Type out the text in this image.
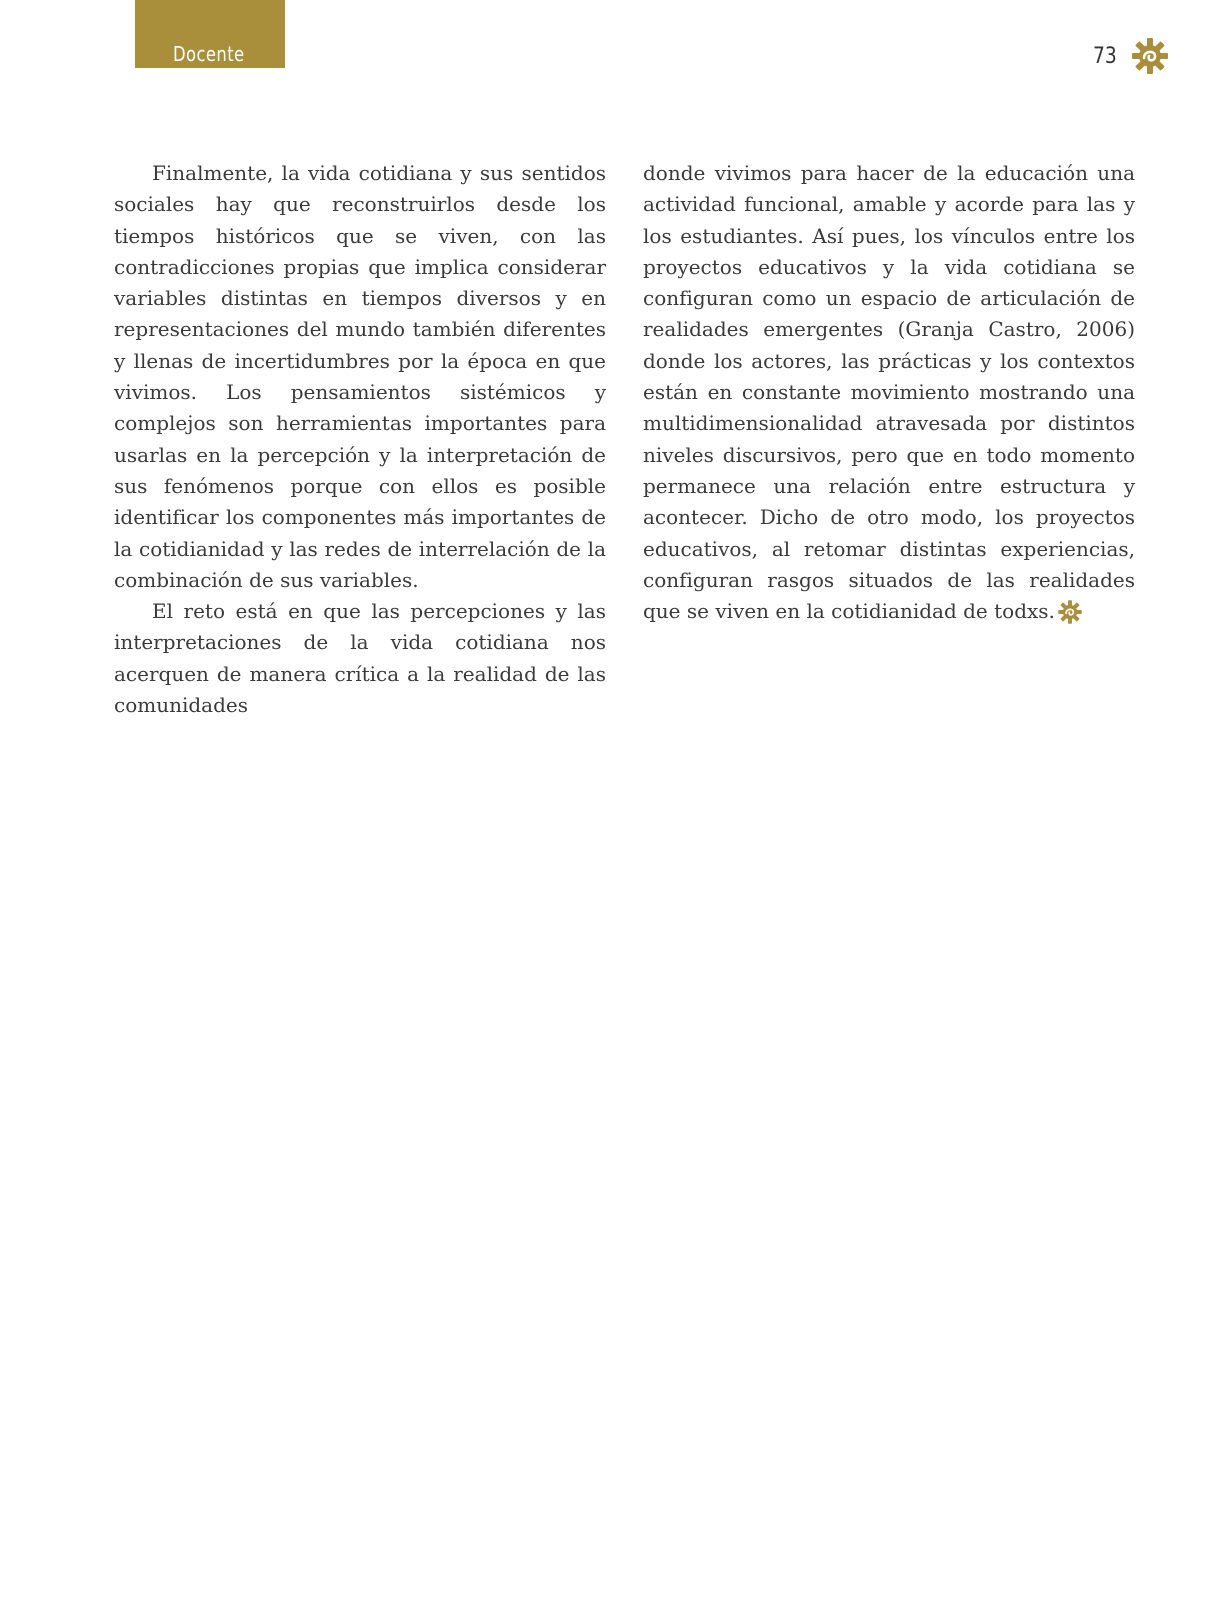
Docente	73

Finalmente, la vida cotidiana y sus sentidos sociales hay que reconstruirlos desde los tiempos históricos que se viven, con las contradicciones propias que implica considerar variables distintas en tiempos diversos y en representaciones del mundo también diferentes y llenas de incertidumbres por la época en que vivimos. Los pensamientos sistémicos y complejos son herramientas importantes para usarlas en la percepción y la interpretación de sus fenómenos porque con ellos es posible identificar los componentes más importantes de la cotidianidad y las redes de interrelación de la combinación de sus variables.

El reto está en que las percepciones y las interpretaciones de la vida cotidiana nos acerquen de manera crítica a la realidad de las comunidades

donde vivimos para hacer de la educación una actividad funcional, amable y acorde para las y los estudiantes. Así pues, los vínculos entre los proyectos educativos y la vida cotidiana se configuran como un espacio de articulación de realidades emergentes (Granja Castro, 2006) donde los actores, las prácticas y los contextos están en constante movimiento mostrando una multidimensionalidad atravesada por distintos niveles discursivos, pero que en todo momento permanece una relación entre estructura y acontecer. Dicho de otro modo, los proyectos educativos, al retomar distintas experiencias, configuran rasgos situados de las realidades que se viven en la cotidianidad de todxs.
